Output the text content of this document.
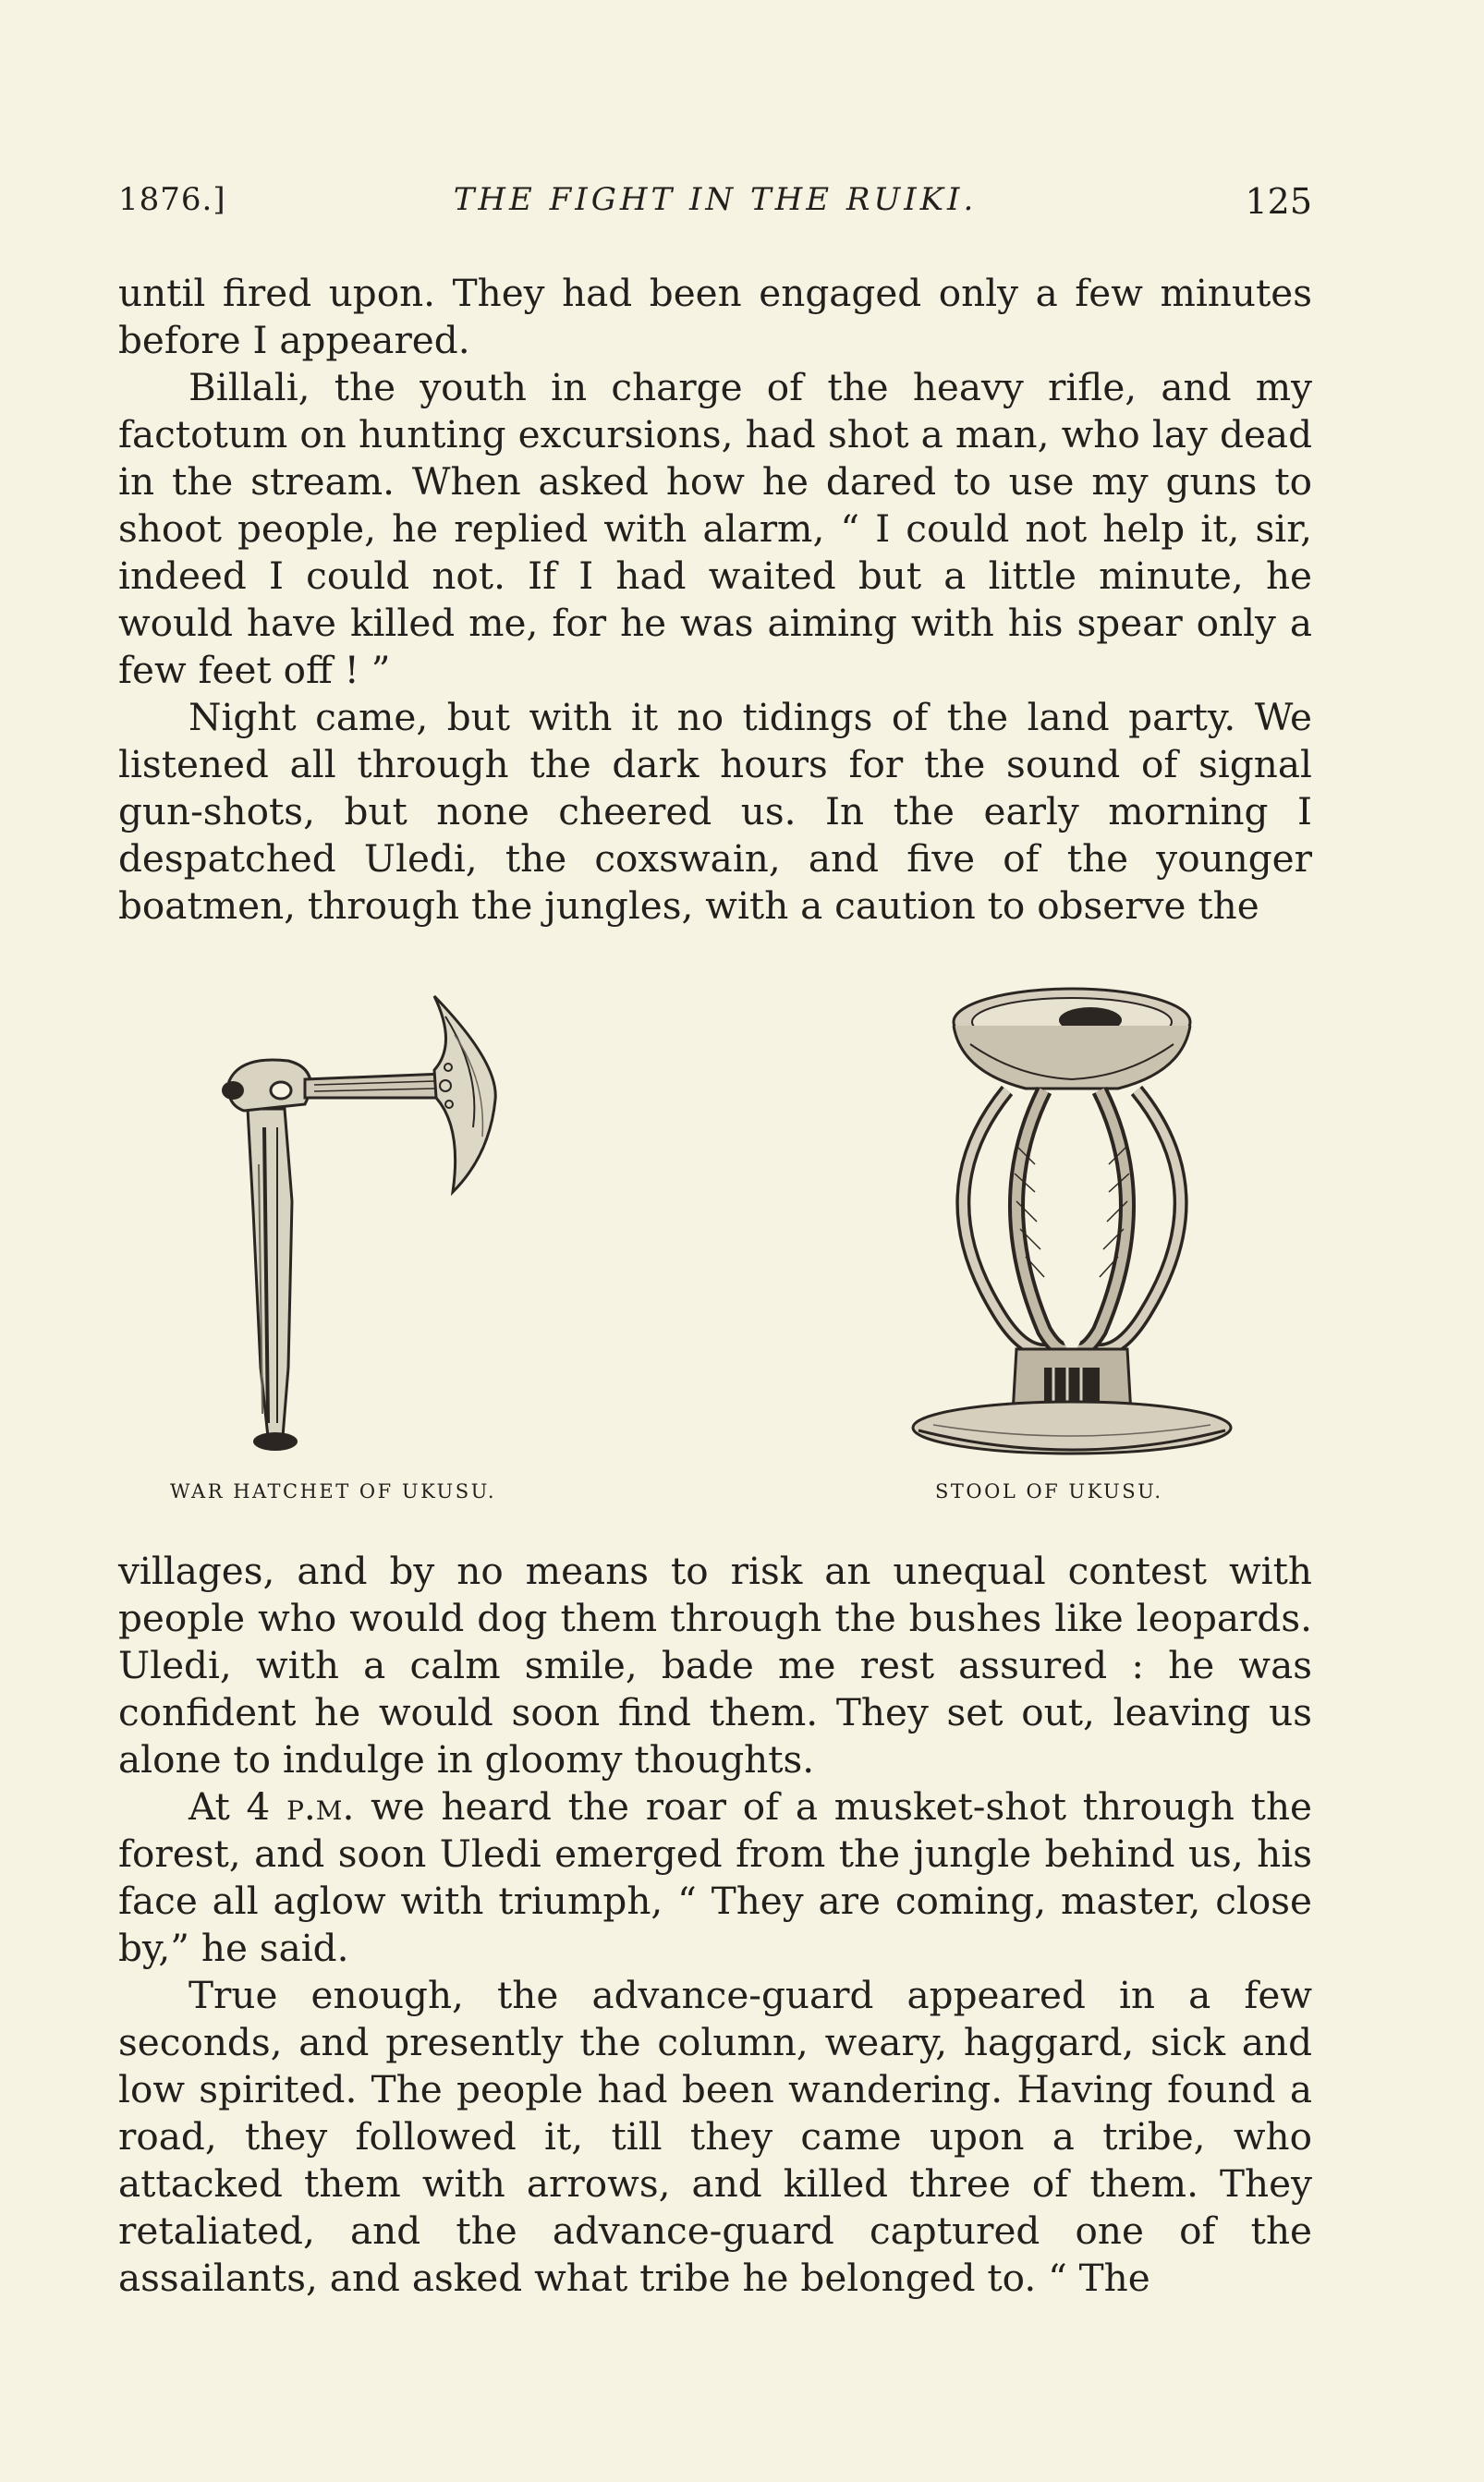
1876.]	THE FIGHT IN THE RUIKI.	125

until fired upon. They had been engaged only a few minutes before I appeared.

Billali, the youth in charge of the heavy rifle, and my factotum on hunting excursions, had shot a man, who lay dead in the stream. When asked how he dared to use my guns to shoot people, he replied with alarm, “ I could not help it, sir, indeed I could not. If I had waited but a little minute, he would have killed me, for he was aiming with his spear only a few feet off ! ”

Night came, but with it no tidings of the land party. We listened all through the dark hours for the sound of signal gun-shots, but none cheered us. In the early morning I despatched Uledi, the coxswain, and five of the younger boatmen, through the jungles, with a caution to observe the

WAR HATCHET OF UKUSU.	STOOL OF UKUSU.

villages, and by no means to risk an unequal contest with people who would dog them through the bushes like leopards. Uledi, with a calm smile, bade me rest assured : he was confident he would soon find them. They set out, leaving us alone to indulge in gloomy thoughts.

At 4 p.m. we heard the roar of a musket-shot through the forest, and soon Uledi emerged from the jungle behind us, his face all aglow with triumph, “ They are coming, master, close by,” he said.

True enough, the advance-guard appeared in a few seconds, and presently the column, weary, haggard, sick and low spirited. The people had been wandering. Having found a road, they followed it, till they came upon a tribe, who attacked them with arrows, and killed three of them. They retaliated, and the advance-guard captured one of the assailants, and asked what tribe he belonged to. “ The
